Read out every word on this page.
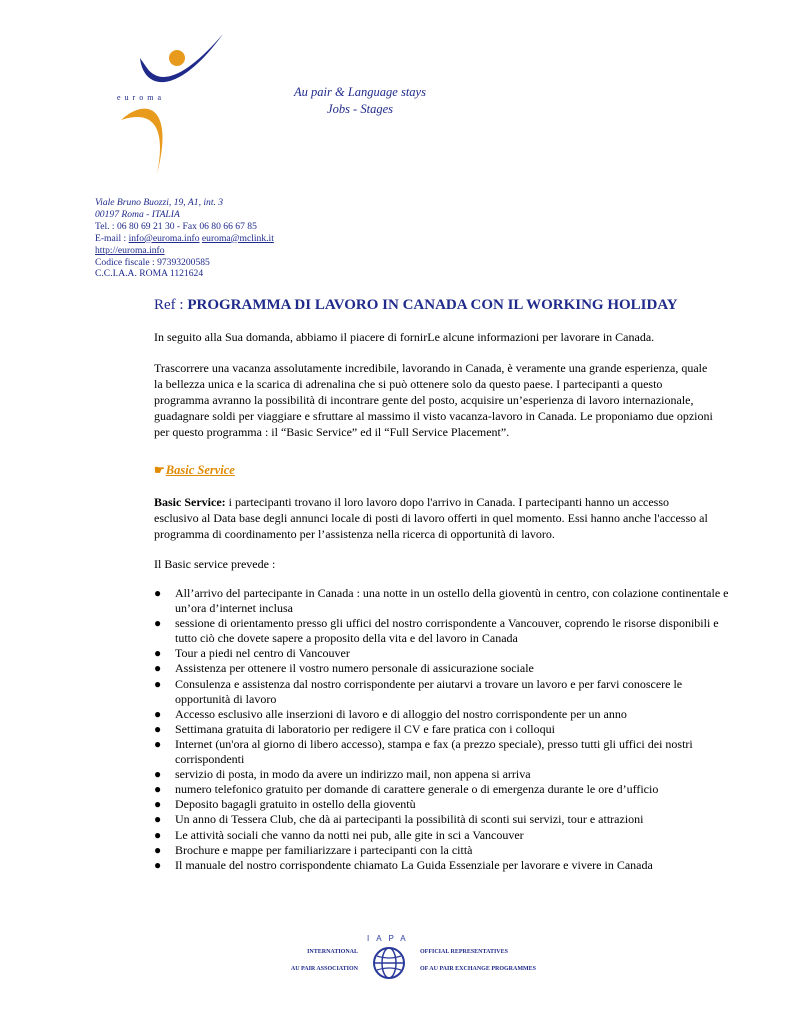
euroma	Au pair & Language stays
Jobs - Stages
Viale Bruno Buozzi, 19, A1, int. 3
00197 Roma - ITALIA
Tel. : 06 80 69 21 30 - Fax 06 80 66 67 85
E-mail : info@euroma.info euroma@mclink.it
http://euroma.info
Codice fiscale : 97393200585
C.C.I.A.A. ROMA 1121624
Ref : PROGRAMMA DI LAVORO IN CANADA CON IL WORKING HOLIDAY
In seguito alla Sua domanda, abbiamo il piacere di fornirLe alcune informazioni per lavorare in Canada.
Trascorrere una vacanza assolutamente incredibile, lavorando in Canada, è veramente una grande esperienza, quale la bellezza unica e la scarica di adrenalina che si può ottenere solo da questo paese. I partecipanti a questo programma avranno la possibilità di incontrare gente del posto, acquisire un’esperienza di lavoro internazionale, guadagnare soldi per viaggiare e sfruttare al massimo il visto vacanza-lavoro in Canada. Le proponiamo due opzioni per questo programma : il “Basic Service” ed il “Full Service Placement”.
☛Basic Service
Basic Service: i partecipanti trovano il loro lavoro dopo l'arrivo in Canada. I partecipanti hanno un accesso esclusivo al Data base degli annunci locale di posti di lavoro offerti in quel momento. Essi hanno anche l'accesso al programma di coordinamento per l’assistenza nella ricerca di opportunità di lavoro.
Il Basic service prevede :
● All’arrivo del partecipante in Canada : una notte in un ostello della gioventù in centro, con colazione continentale e un’ora d’internet inclusa
● sessione di orientamento presso gli uffici del nostro corrispondente a Vancouver, coprendo le risorse disponibili e tutto ciò che dovete sapere a proposito della vita e del lavoro in Canada
● Tour a piedi nel centro di Vancouver
● Assistenza per ottenere il vostro numero personale di assicurazione sociale
● Consulenza e assistenza dal nostro corrispondente per aiutarvi a trovare un lavoro e per farvi conoscere le opportunità di lavoro
● Accesso esclusivo alle inserzioni di lavoro e di alloggio del nostro corrispondente per un anno
● Settimana gratuita di laboratorio per redigere il CV e fare pratica con i colloqui
● Internet (un'ora al giorno di libero accesso), stampa e fax (a prezzo speciale), presso tutti gli uffici dei nostri corrispondenti
● servizio di posta, in modo da avere un indirizzo mail, non appena si arriva
● numero telefonico gratuito per domande di carattere generale o di emergenza durante le ore d’ufficio
● Deposito bagagli gratuito in ostello della gioventù
● Un anno di Tessera Club, che dà ai partecipanti la possibilità di sconti sui servizi, tour e attrazioni
● Le attività sociali che vanno da notti nei pub, alle gite in sci a Vancouver
● Brochure e mappe per familiarizzare i partecipanti con la città
● Il manuale del nostro corrispondente chiamato La Guida Essenziale per lavorare e vivere in Canada
IAPA
INTERNATIONAL
AU PAIR ASSOCIATION
OFFICIAL REPRESENTATIVES
OF AU PAIR EXCHANGE PROGRAMMES
